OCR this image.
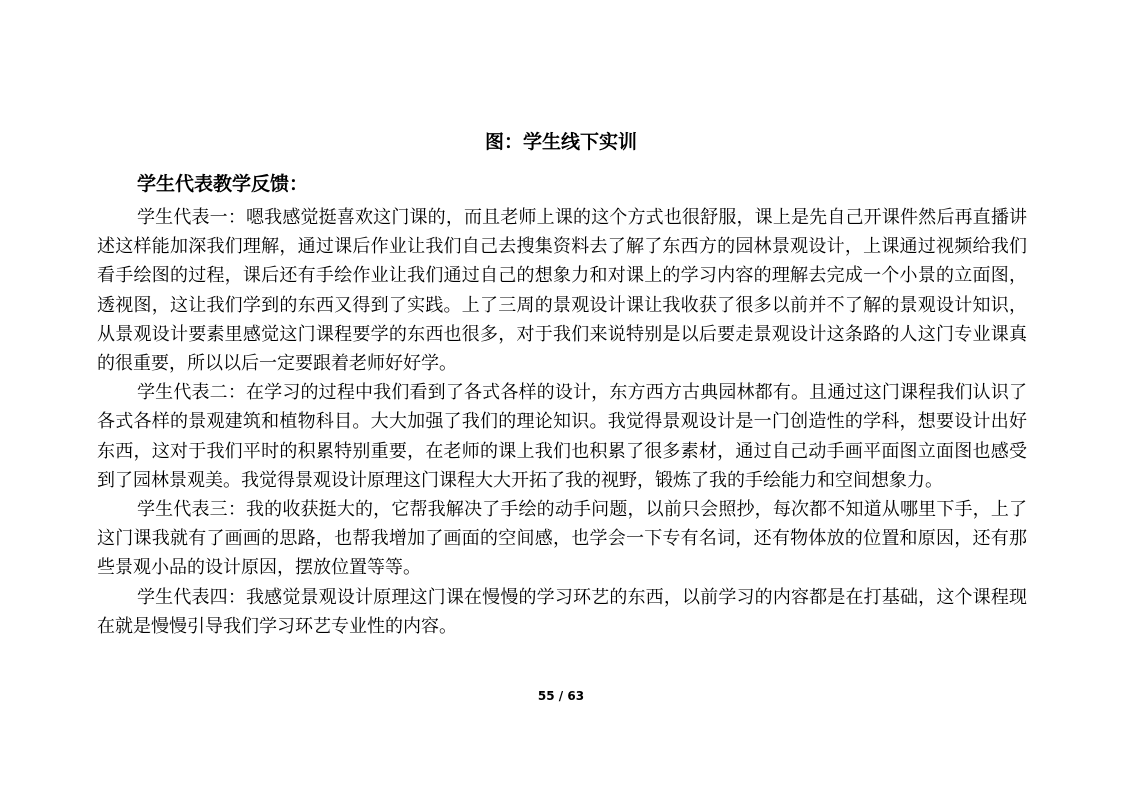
图：学生线下实训
学生代表教学反馈：

学生代表一：嗯我感觉挺喜欢这门课的，而且老师上课的这个方式也很舒服，课上是先自己开课件然后再直播讲述这样能加深我们理解，通过课后作业让我们自己去搜集资料去了解了东西方的园林景观设计，上课通过视频给我们看手绘图的过程，课后还有手绘作业让我们通过自己的想象力和对课上的学习内容的理解去完成一个小景的立面图，透视图，这让我们学到的东西又得到了实践。上了三周的景观设计课让我收获了很多以前并不了解的景观设计知识，从景观设计要素里感觉这门课程要学的东西也很多，对于我们来说特别是以后要走景观设计这条路的人这门专业课真的很重要，所以以后一定要跟着老师好好学。

学生代表二：在学习的过程中我们看到了各式各样的设计，东方西方古典园林都有。且通过这门课程我们认识了各式各样的景观建筑和植物科目。大大加强了我们的理论知识。我觉得景观设计是一门创造性的学科，想要设计出好东西，这对于我们平时的积累特别重要，在老师的课上我们也积累了很多素材，通过自己动手画平面图立面图也感受到了园林景观美。我觉得景观设计原理这门课程大大开拓了我的视野，锻炼了我的手绘能力和空间想象力。

学生代表三：我的收获挺大的，它帮我解决了手绘的动手问题，以前只会照抄，每次都不知道从哪里下手，上了这门课我就有了画画的思路，也帮我增加了画面的空间感，也学会一下专有名词，还有物体放的位置和原因，还有那些景观小品的设计原因，摆放位置等等。

学生代表四：我感觉景观设计原理这门课在慢慢的学习环艺的东西，以前学习的内容都是在打基础，这个课程现在就是慢慢引导我们学习环艺专业性的内容。

55 / 63
